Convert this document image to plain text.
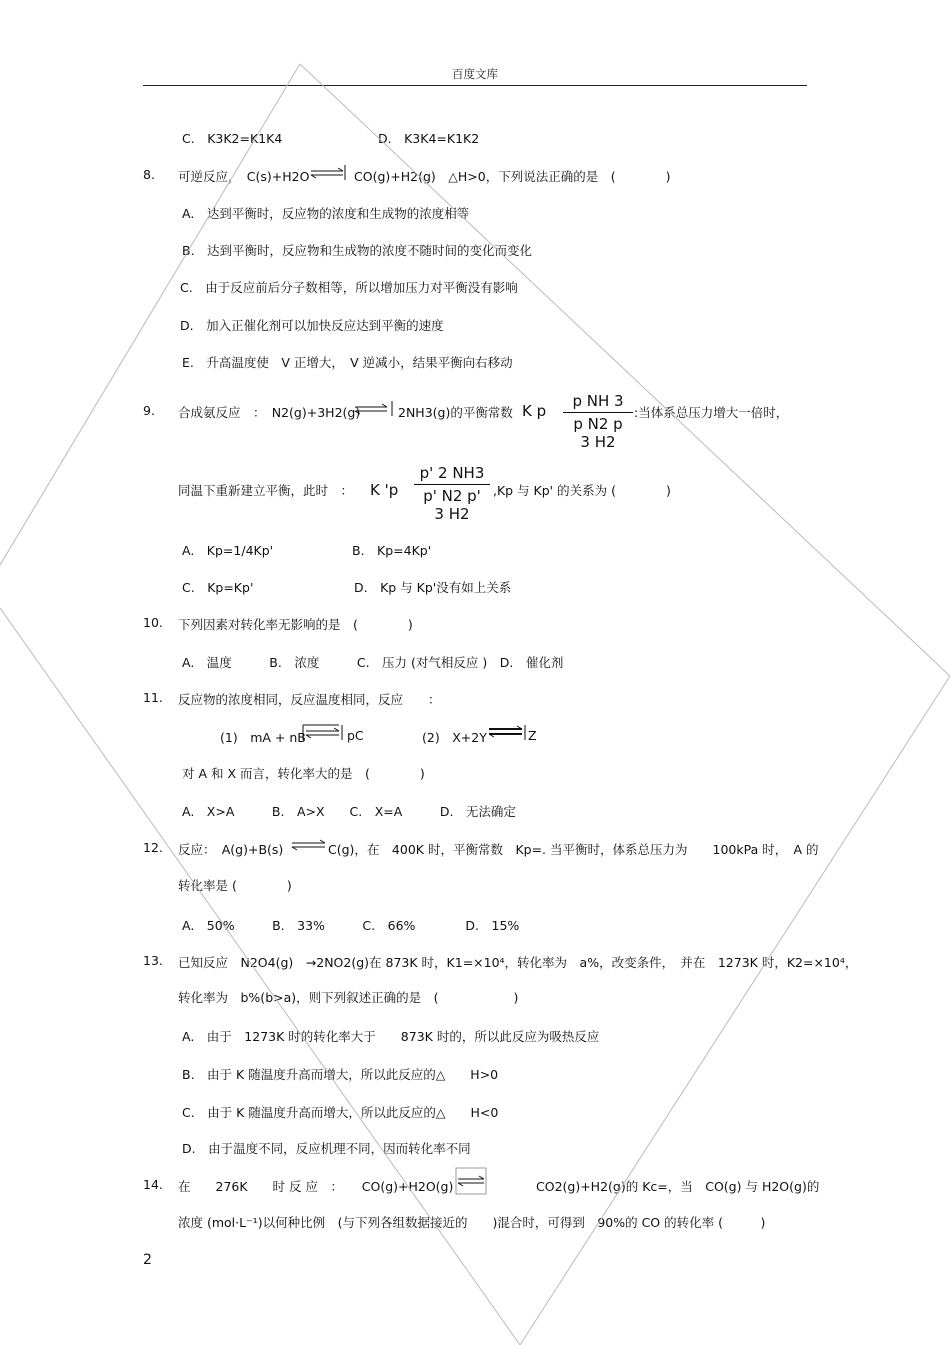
百度文库
C.　K3K2=K1K4	D.　K3K4=K1K2
8. 可逆反应，　C(s)+H2O	CO(g)+H2(g)　△H>0，下列说法正确的是　(　　　　)
A.　达到平衡时，反应物的浓度和生成物的浓度相等
B.　达到平衡时，反应物和生成物的浓度不随时间的变化而变化
C.　由于反应前后分子数相等，所以增加压力对平衡没有影响
D.　加入正催化剂可以加快反应达到平衡的速度
E.　升高温度使　V 正增大，　V 逆减小，结果平衡向右移动
9. 合成氨反应　：　N2(g)+3H2(g)	2NH3(g)的平衡常数	:当体系总压力增大一倍时，
同温下重新建立平衡，此时　：	,Kp 与 Kp' 的关系为 (　　　　)
A.　Kp=1/4Kp'	B.　Kp=4Kp'
C.　Kp=Kp'	D.　Kp 与 Kp'没有如上关系
10. 下列因素对转化率无影响的是　(　　　　)
A.　温度　　　B.　浓度　　　C.　压力 (对气相反应 )　D.　催化剂
11. 反应物的浓度相同，反应温度相同，反应　　：
(1)　mA + nB	pC	(2)　X+2Y	Z
对 A 和 X 而言，转化率大的是　(　　　　)
A.　X>A　　　B.　A>X　　C.　X=A　　　D.　无法确定
12. 反应：　A(g)+B(s)	C(g)，在　400K 时，平衡常数　Kp=. 当平衡时，体系总压力为　　100kPa 时，　A 的
转化率是 (　　　　)
A.　50%　　　B.　33%　　　C.　66%　　　　D.　15%
13. 已知反应　N2O4(g)　→2NO2(g)在 873K 时，K1=×10⁴，转化率为　a%，改变条件，　并在　1273K 时，K2=×10⁴，
转化率为　b%(b>a)，则下列叙述正确的是　(　　　　　　)
A.　由于　1273K 时的转化率大于　　873K 时的，所以此反应为吸热反应
B.　由于 K 随温度升高而增大，所以此反应的△　　H>0
C.　由于 K 随温度升高而增大，所以此反应的△　　H<0
D.　由于温度不同，反应机理不同，因而转化率不同
14. 在　　276K　　时 反 应　：　　CO(g)+H2O(g)	CO2(g)+H2(g)的 Kc=，当　CO(g) 与 H2O(g)的
浓度 (mol·L⁻¹)以何种比例　(与下列各组数据接近的　　)混合时，可得到　90%的 CO 的转化率 (　　　)
K p
p NH 3
p N2 p 3 H2
K 'p
p' 2 NH3
p' N2 p' 3 H2
2
